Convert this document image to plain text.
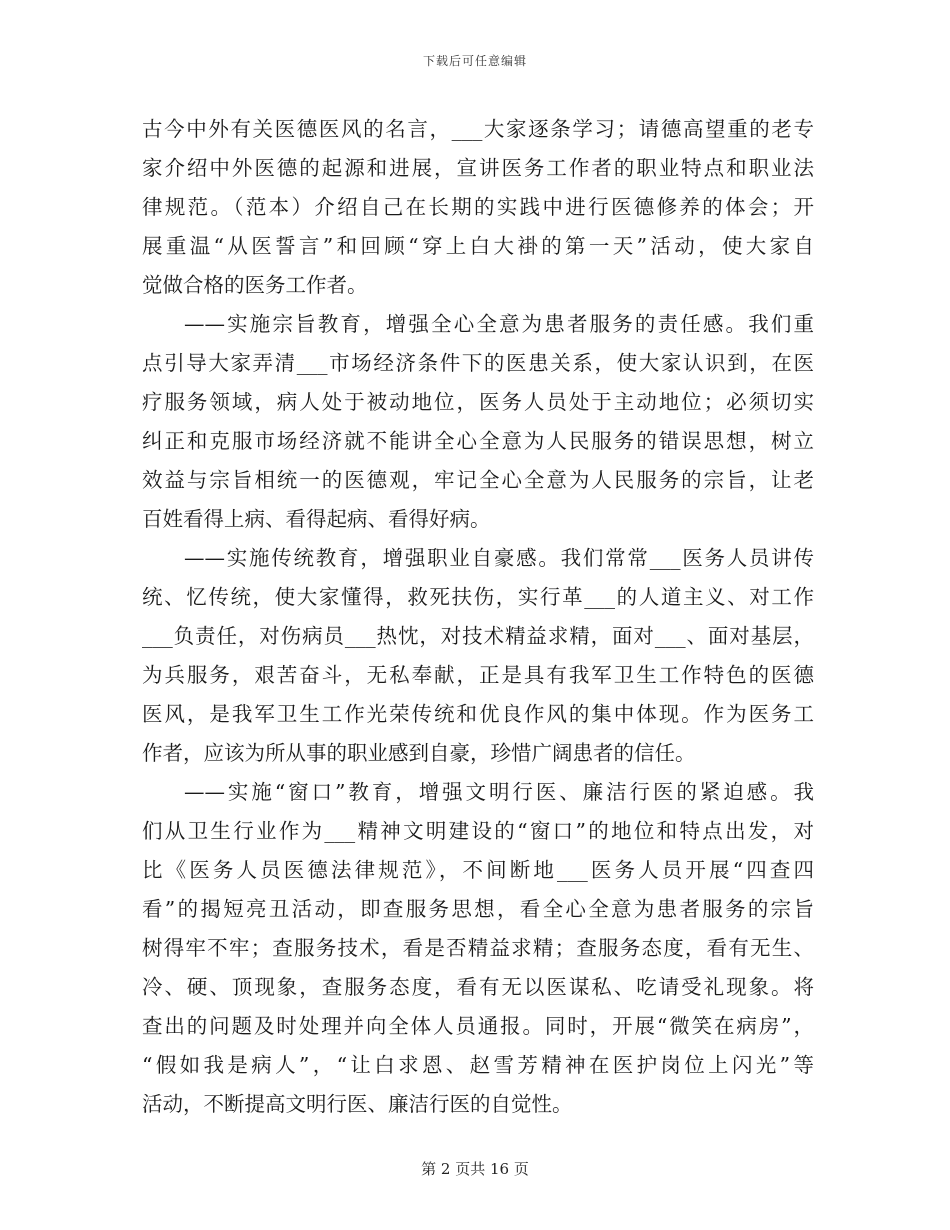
下载后可任意编辑
古今中外有关医德医风的名言，___大家逐条学习；请德高望重的老专
家介绍中外医德的起源和进展，宣讲医务工作者的职业特点和职业法
律规范。（范本）介绍自己在长期的实践中进行医德修养的体会；开
展重温“从医誓言”和回顾“穿上白大褂的第一天”活动，使大家自
觉做合格的医务工作者。
——实施宗旨教育，增强全心全意为患者服务的责任感。我们重
点引导大家弄清___市场经济条件下的医患关系，使大家认识到，在医
疗服务领域，病人处于被动地位，医务人员处于主动地位；必须切实
纠正和克服市场经济就不能讲全心全意为人民服务的错误思想，树立
效益与宗旨相统一的医德观，牢记全心全意为人民服务的宗旨，让老
百姓看得上病、看得起病、看得好病。
——实施传统教育，增强职业自豪感。我们常常___医务人员讲传
统、忆传统，使大家懂得，救死扶伤，实行革___的人道主义、对工作
___负责任，对伤病员___热忱，对技术精益求精，面对___、面对基层，
为兵服务，艰苦奋斗，无私奉献，正是具有我军卫生工作特色的医德
医风，是我军卫生工作光荣传统和优良作风的集中体现。作为医务工
作者，应该为所从事的职业感到自豪，珍惜广阔患者的信任。
——实施“窗口”教育，增强文明行医、廉洁行医的紧迫感。我
们从卫生行业作为___精神文明建设的“窗口”的地位和特点出发，对
比《医务人员医德法律规范》，不间断地___医务人员开展“四查四
看”的揭短亮丑活动，即查服务思想，看全心全意为患者服务的宗旨
树得牢不牢；查服务技术，看是否精益求精；查服务态度，看有无生、
冷、硬、顶现象，查服务态度，看有无以医谋私、吃请受礼现象。将
查出的问题及时处理并向全体人员通报。同时，开展“微笑在病房”，
“假如我是病人”，“让白求恩、赵雪芳精神在医护岗位上闪光”等
活动，不断提高文明行医、廉洁行医的自觉性。
第 2 页共 16 页
